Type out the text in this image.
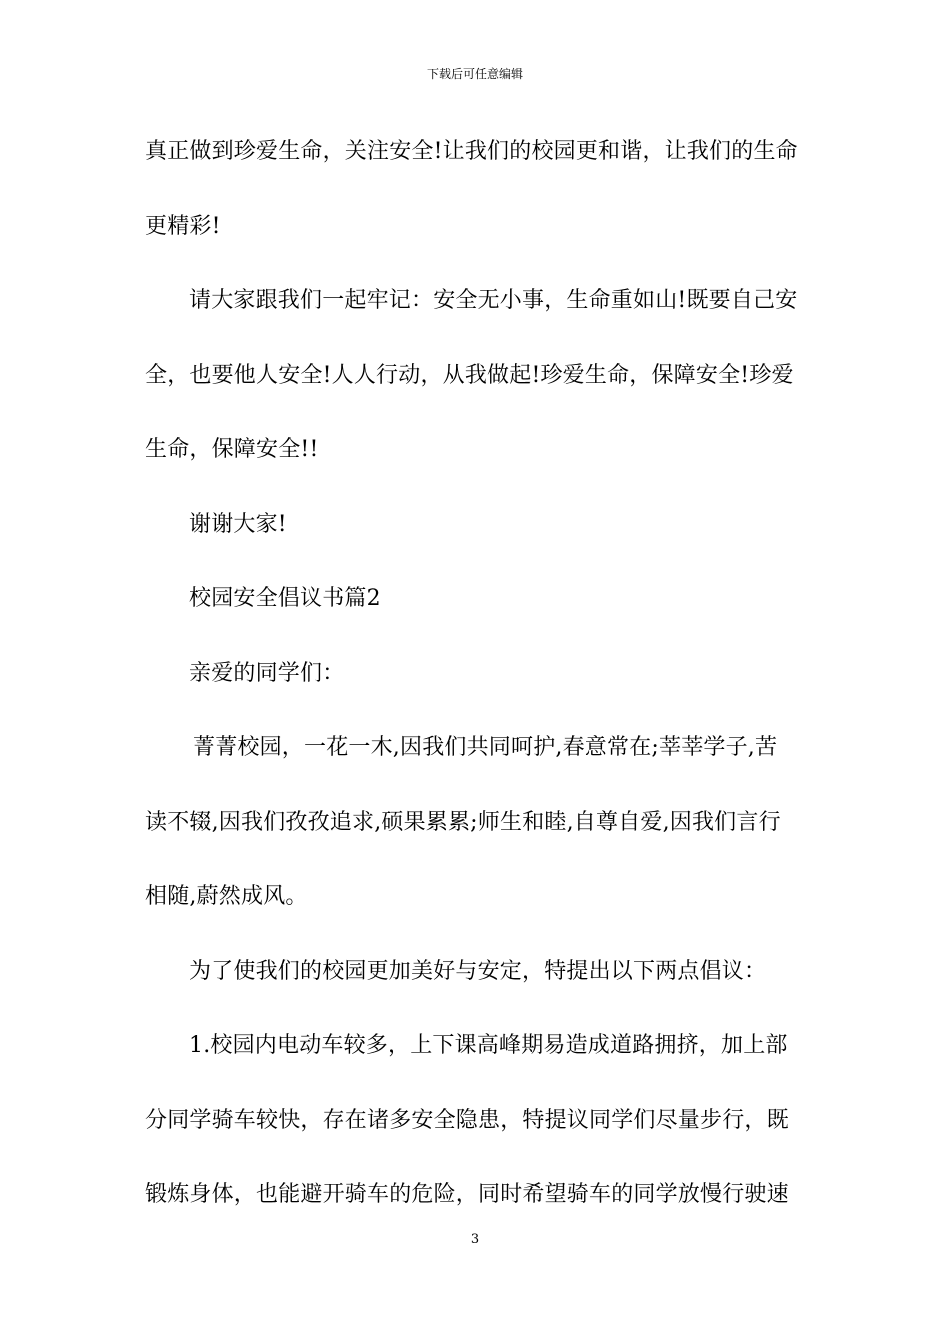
下载后可任意编辑
真正做到珍爱生命，关注安全!让我们的校园更和谐，让我们的生命
更精彩!
请大家跟我们一起牢记：安全无小事，生命重如山!既要自己安
全，也要他人安全!人人行动，从我做起!珍爱生命，保障安全!珍爱
生命，保障安全!!
谢谢大家!
校园安全倡议书篇2
亲爱的同学们：
菁菁校园，一花一木,因我们共同呵护,春意常在;莘莘学子,苦
读不辍,因我们孜孜追求,硕果累累;师生和睦,自尊自爱,因我们言行
相随,蔚然成风。
为了使我们的校园更加美好与安定，特提出以下两点倡议：
1.校园内电动车较多，上下课高峰期易造成道路拥挤，加上部
分同学骑车较快，存在诸多安全隐患，特提议同学们尽量步行，既
锻炼身体，也能避开骑车的危险，同时希望骑车的同学放慢行驶速
3
